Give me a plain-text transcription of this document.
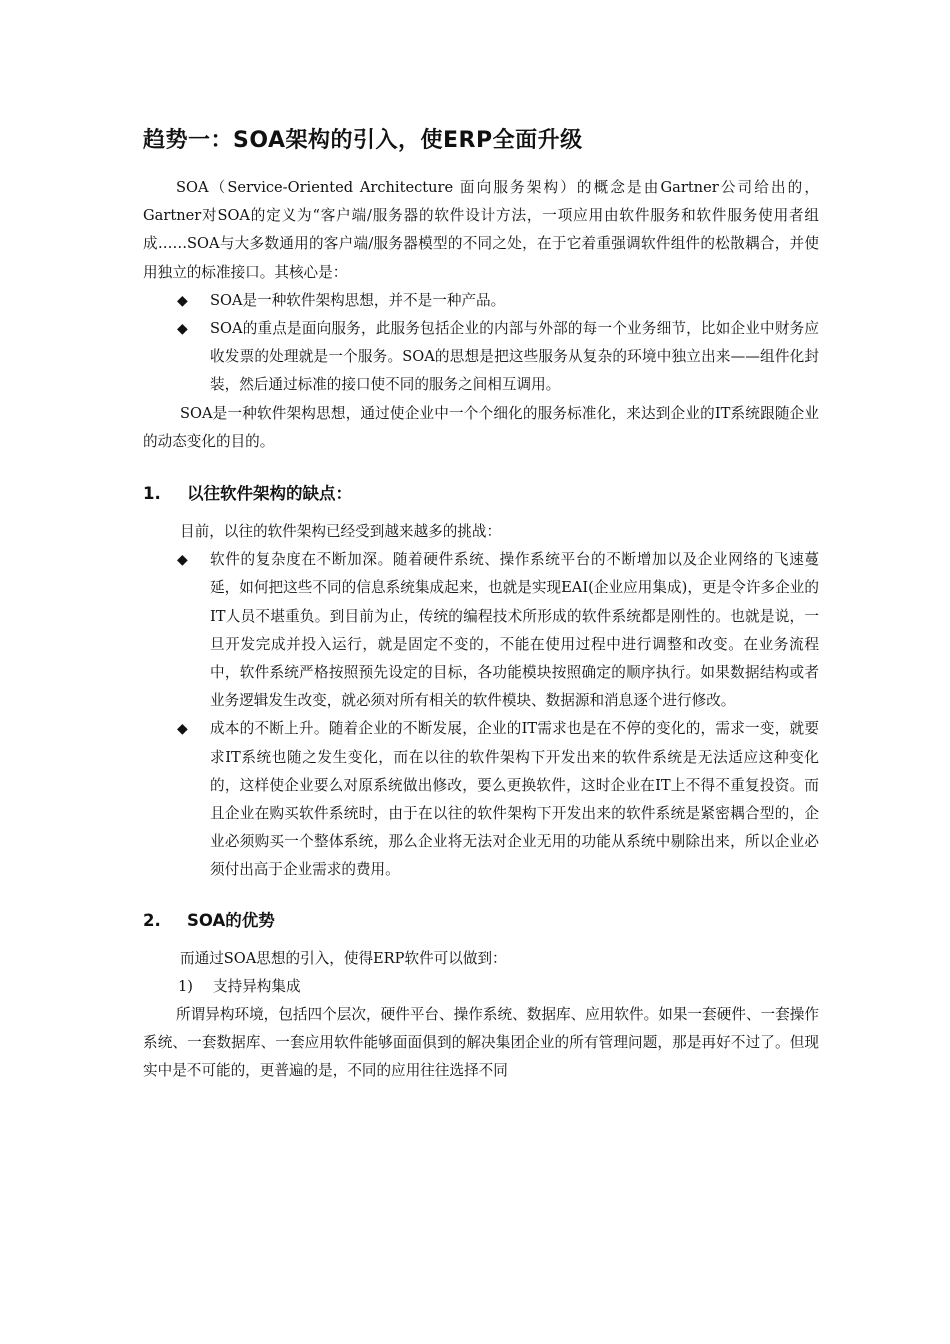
趋势一：SOA架构的引入，使ERP全面升级

SOA（Service-Oriented Architecture 面向服务架构）的概念是由Gartner公司给出的，Gartner对SOA的定义为“客户端/服务器的软件设计方法，一项应用由软件服务和软件服务使用者组成……SOA与大多数通用的客户端/服务器模型的不同之处，在于它着重强调软件组件的松散耦合，并使用独立的标准接口。其核心是：

◆ SOA是一种软件架构思想，并不是一种产品。
◆ SOA的重点是面向服务，此服务包括企业的内部与外部的每一个业务细节，比如企业中财务应收发票的处理就是一个服务。SOA的思想是把这些服务从复杂的环境中独立出来——组件化封装，然后通过标准的接口使不同的服务之间相互调用。

SOA是一种软件架构思想，通过使企业中一个个细化的服务标准化，来达到企业的IT系统跟随企业的动态变化的目的。

1.	以往软件架构的缺点：

目前，以往的软件架构已经受到越来越多的挑战：

◆ 软件的复杂度在不断加深。随着硬件系统、操作系统平台的不断增加以及企业网络的飞速蔓延，如何把这些不同的信息系统集成起来，也就是实现EAI(企业应用集成)，更是令许多企业的IT人员不堪重负。到目前为止，传统的编程技术所形成的软件系统都是刚性的。也就是说，一旦开发完成并投入运行，就是固定不变的，不能在使用过程中进行调整和改变。在业务流程中，软件系统严格按照预先设定的目标，各功能模块按照确定的顺序执行。如果数据结构或者业务逻辑发生改变，就必须对所有相关的软件模块、数据源和消息逐个进行修改。
◆ 成本的不断上升。随着企业的不断发展，企业的IT需求也是在不停的变化的，需求一变，就要求IT系统也随之发生变化，而在以往的软件架构下开发出来的软件系统是无法适应这种变化的，这样使企业要么对原系统做出修改，要么更换软件，这时企业在IT上不得不重复投资。而且企业在购买软件系统时，由于在以往的软件架构下开发出来的软件系统是紧密耦合型的，企业必须购买一个整体系统，那么企业将无法对企业无用的功能从系统中剔除出来，所以企业必须付出高于企业需求的费用。
2.	SOA的优势

而通过SOA思想的引入，使得ERP软件可以做到：

1) 支持异构集成

所谓异构环境，包括四个层次，硬件平台、操作系统、数据库、应用软件。如果一套硬件、一套操作系统、一套数据库、一套应用软件能够面面俱到的解决集团企业的所有管理问题，那是再好不过了。但现实中是不可能的，更普遍的是，不同的应用往往选择不同
